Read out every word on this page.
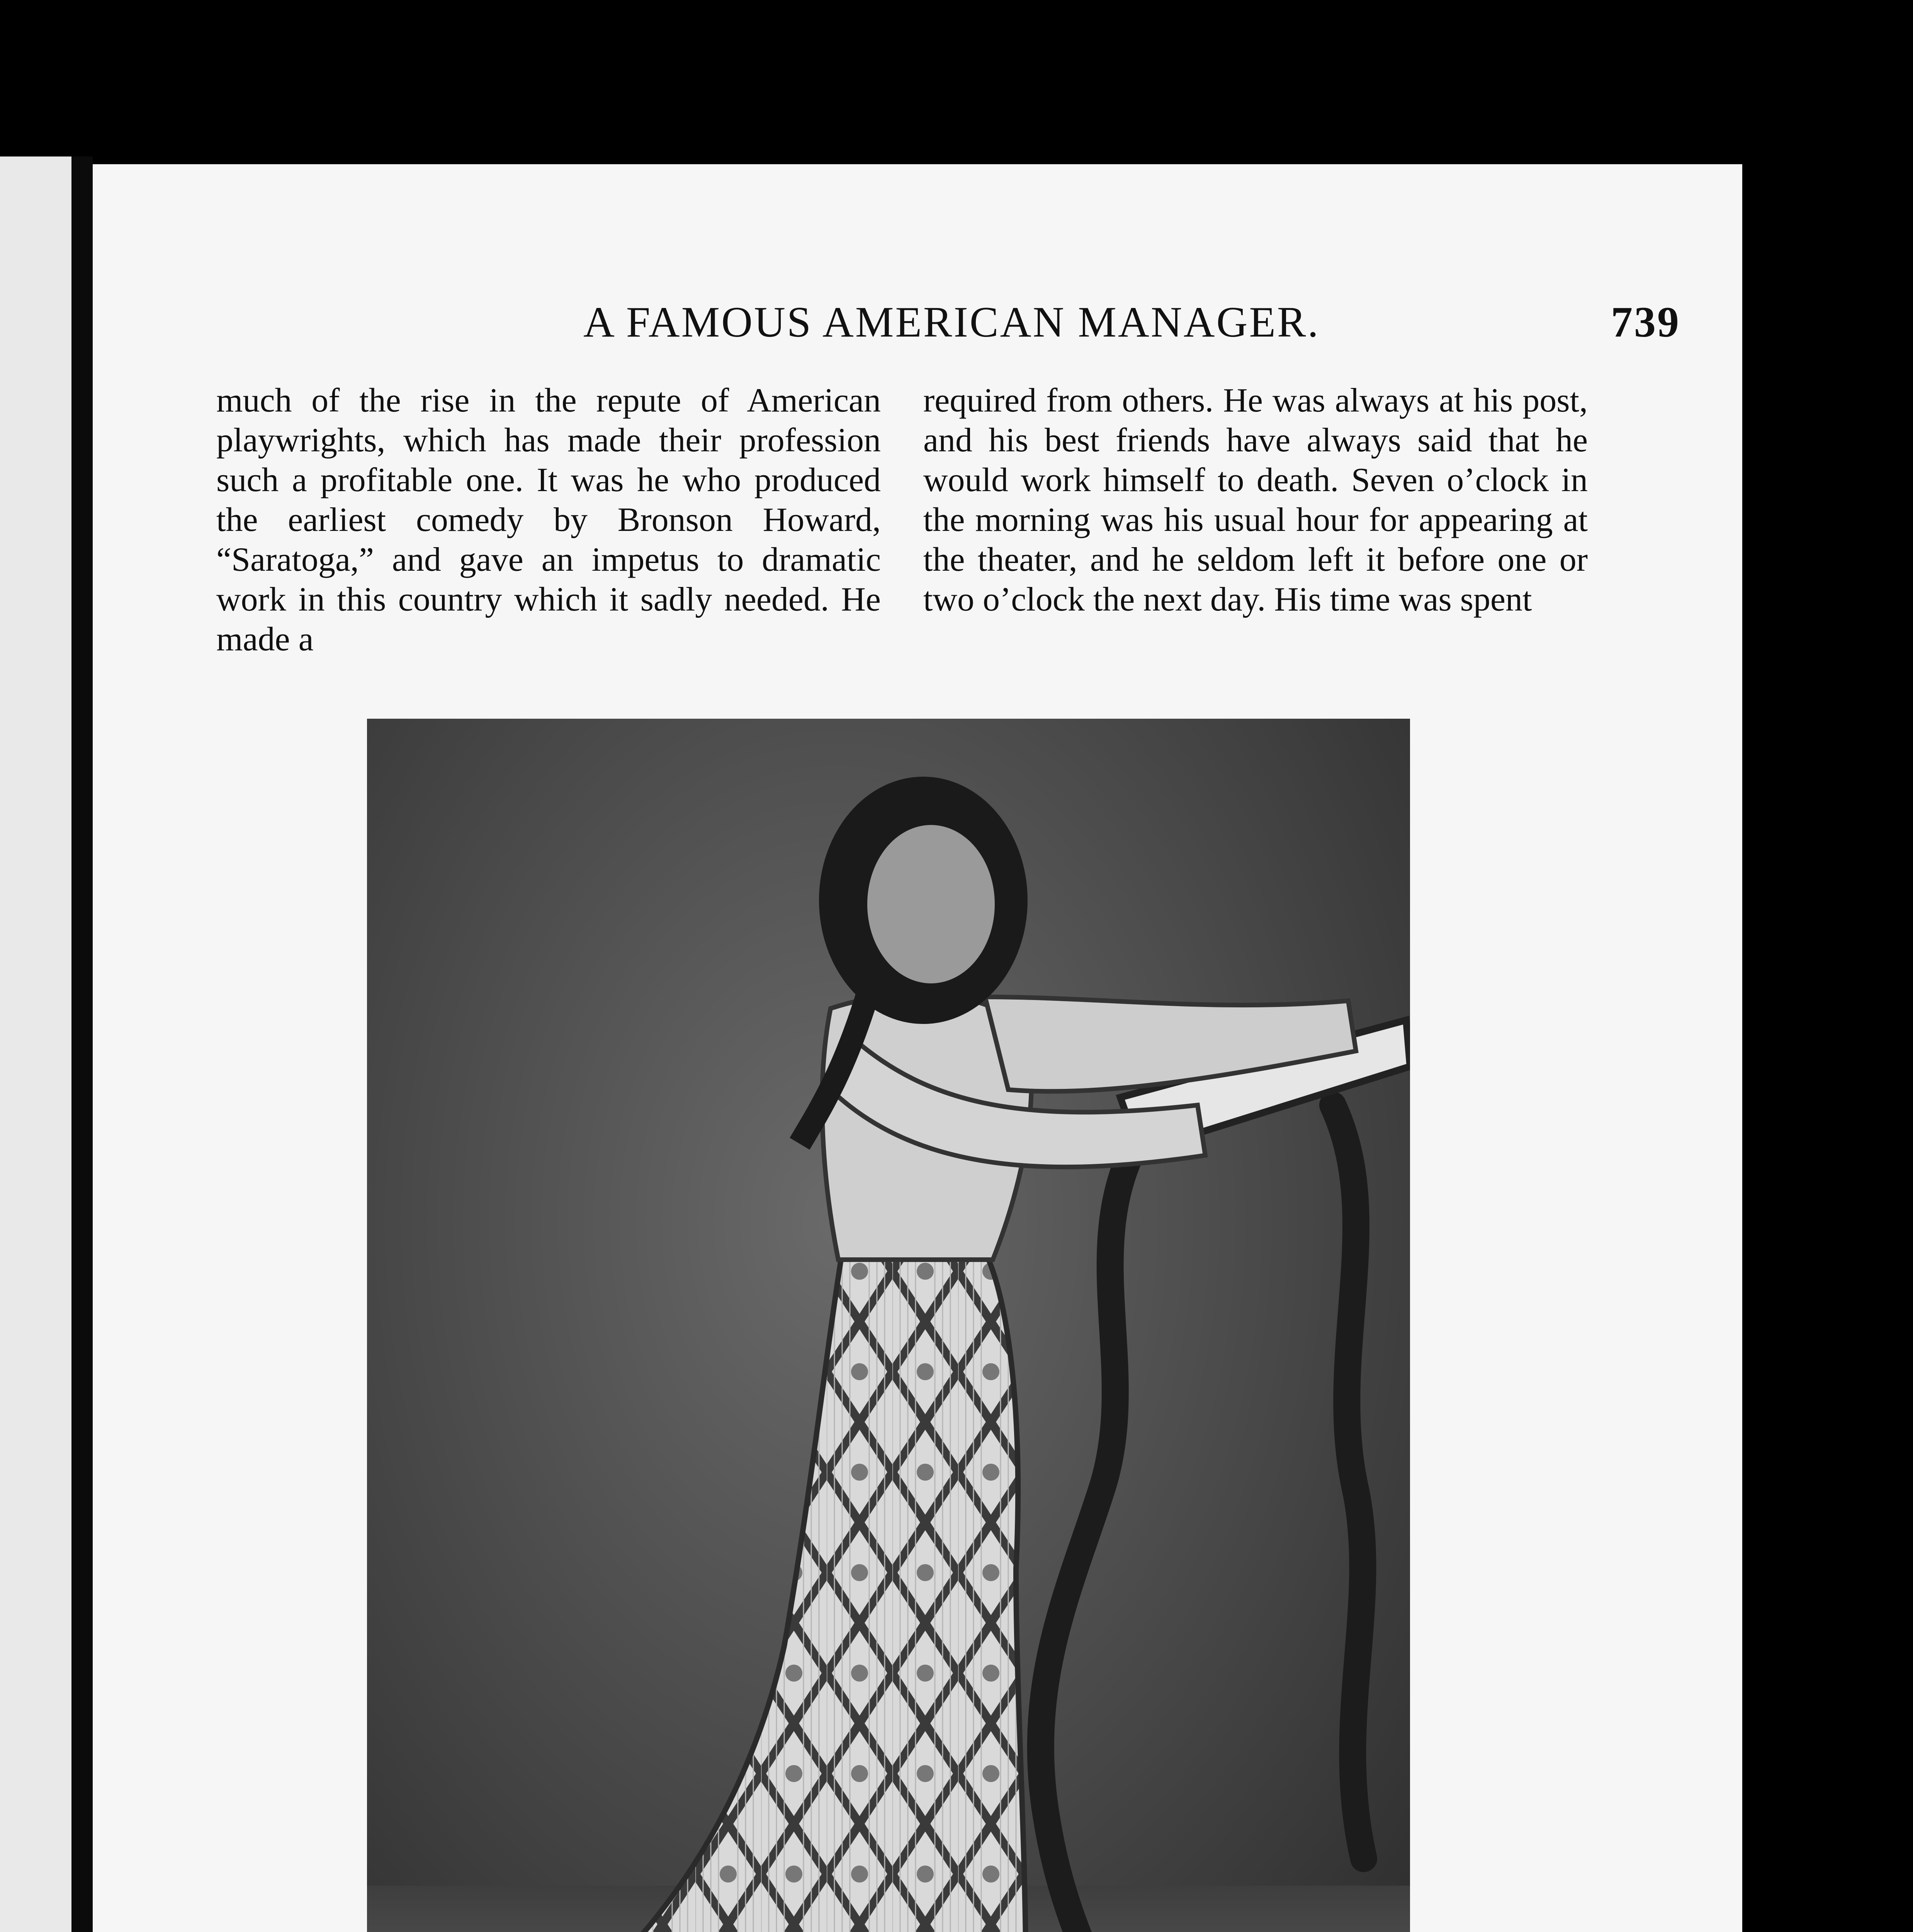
A FAMOUS AMERICAN MANAGER.	739

much of the rise in the repute of American playwrights, which has made their profession such a profitable one. It was he who produced the earliest comedy by Bronson Howard, “Saratoga,” and gave an impetus to dramatic work in this country which it sadly needed. He made a

required from others. He was always at his post, and his best friends have always said that he would work himself to death. Seven o’clock in the morning was his usual hour for appearing at the theater, and he seldom left it before one or two o’clock the next day. His time was spent
